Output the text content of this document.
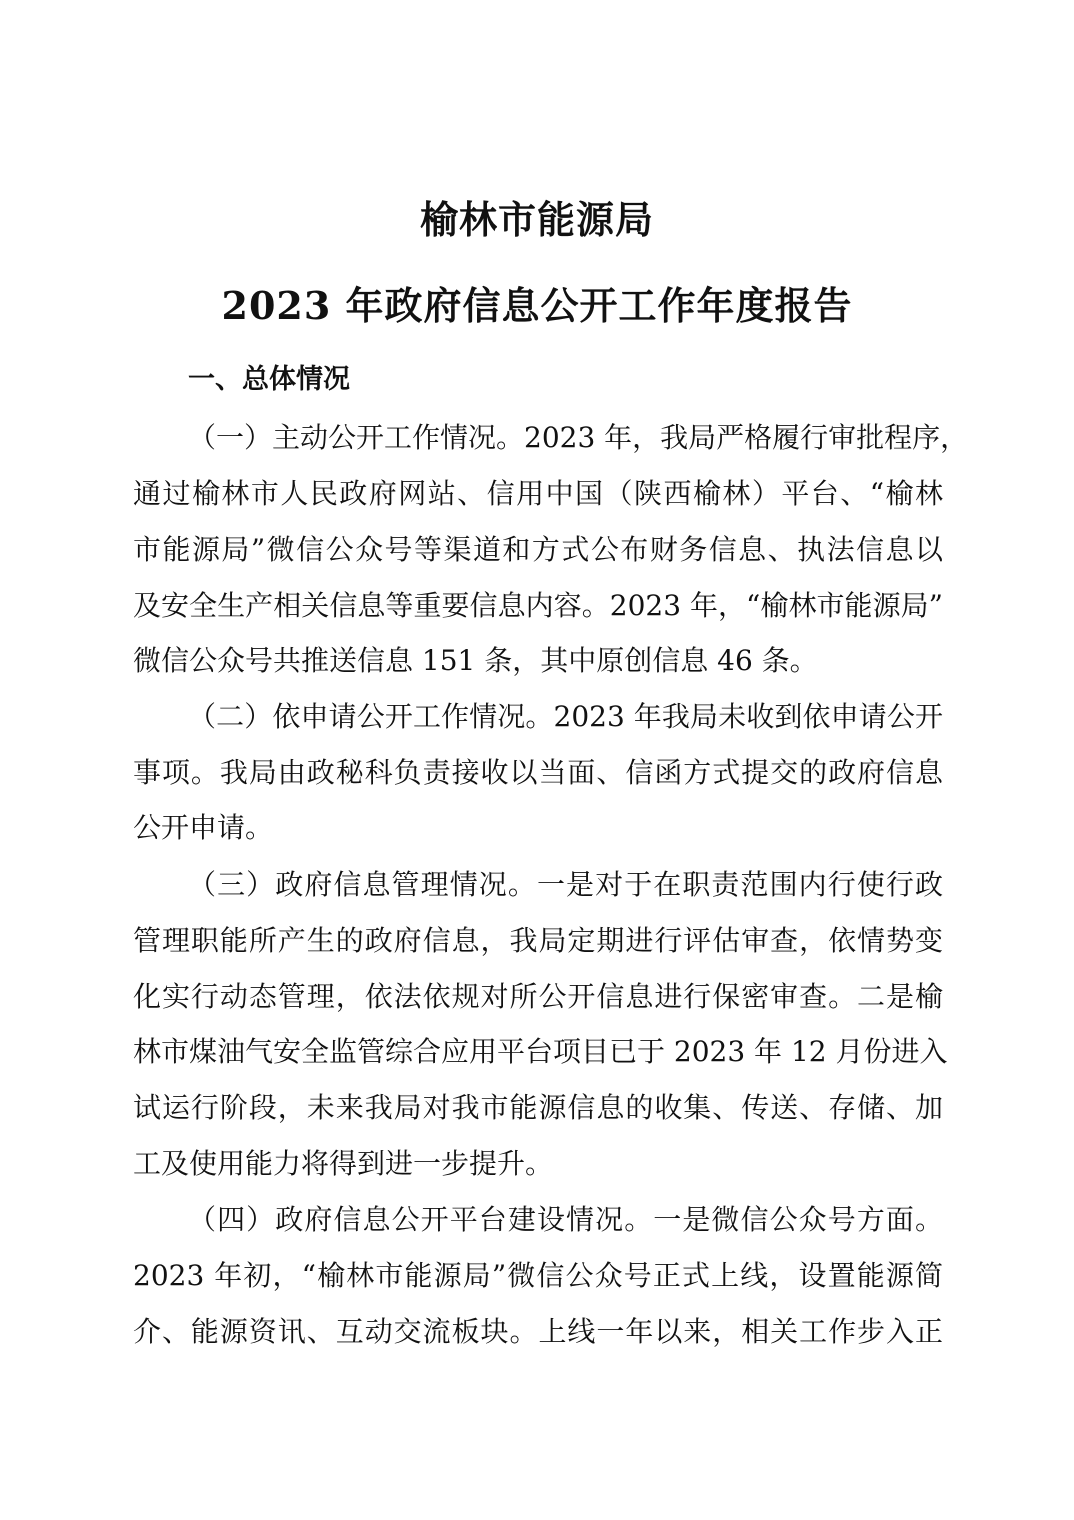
榆林市能源局
2023 年政府信息公开工作年度报告
一、总体情况
（一）主动公开工作情况。2023 年，我局严格履行审批程序，
通过榆林市人民政府网站、信用中国（陕西榆林）平台、“榆林
市能源局”微信公众号等渠道和方式公布财务信息、执法信息以
及安全生产相关信息等重要信息内容。2023 年，“榆林市能源局”
微信公众号共推送信息 151 条，其中原创信息 46 条。
（二）依申请公开工作情况。2023 年我局未收到依申请公开
事项。我局由政秘科负责接收以当面、信函方式提交的政府信息
公开申请。
（三）政府信息管理情况。一是对于在职责范围内行使行政
管理职能所产生的政府信息，我局定期进行评估审查，依情势变
化实行动态管理，依法依规对所公开信息进行保密审查。二是榆
林市煤油气安全监管综合应用平台项目已于 2023 年 12 月份进入
试运行阶段，未来我局对我市能源信息的收集、传送、存储、加
工及使用能力将得到进一步提升。
（四）政府信息公开平台建设情况。一是微信公众号方面。
2023 年初，“榆林市能源局”微信公众号正式上线，设置能源简
介、能源资讯、互动交流板块。上线一年以来，相关工作步入正
